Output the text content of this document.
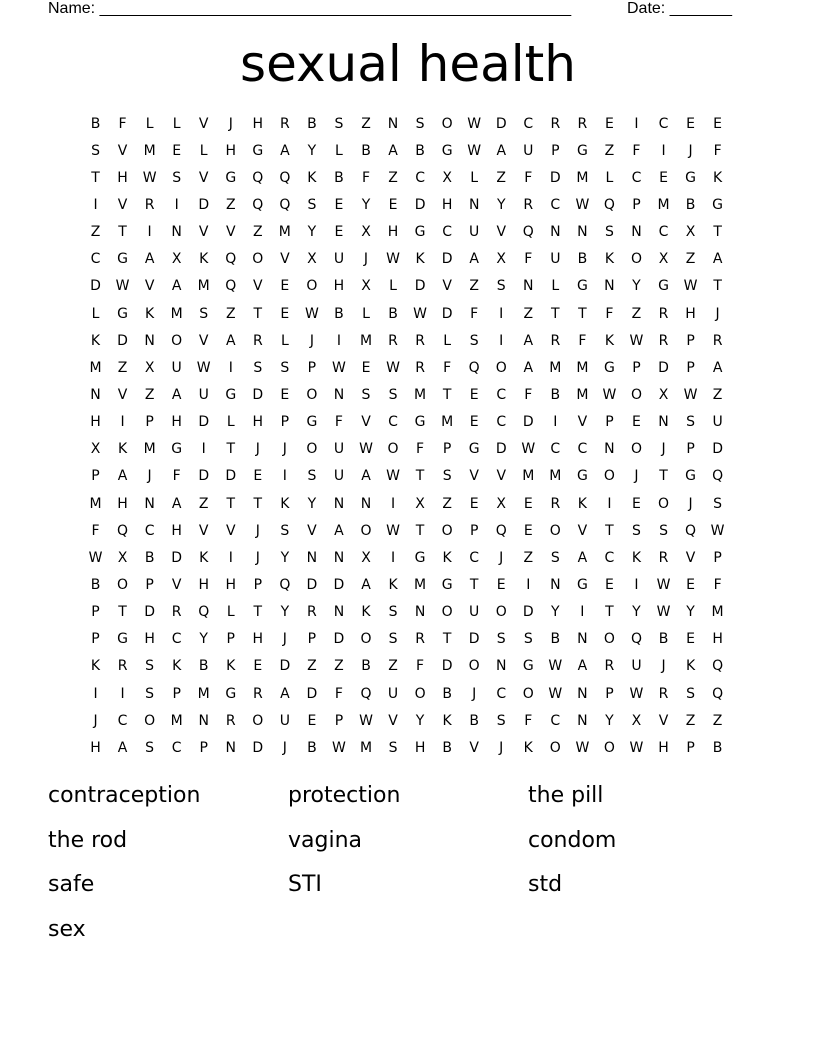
Name: _____________________________________________________	Date: _______
sexual health
B	F	L	L	V	J	H	R	B	S	Z	N	S	O	W	D	C	R	R	E	I	C	E	E
S	V	M	E	L	H	G	A	Y	L	B	A	B	G	W	A	U	P	G	Z	F	I	J	F
T	H	W	S	V	G	Q	Q	K	B	F	Z	C	X	L	Z	F	D	M	L	C	E	G	K
I	V	R	I	D	Z	Q	Q	S	E	Y	E	D	H	N	Y	R	C	W	Q	P	M	B	G
Z	T	I	N	V	V	Z	M	Y	E	X	H	G	C	U	V	Q	N	N	S	N	C	X	T
C	G	A	X	K	Q	O	V	X	U	J	W	K	D	A	X	F	U	B	K	O	X	Z	A
D	W	V	A	M	Q	V	E	O	H	X	L	D	V	Z	S	N	L	G	N	Y	G	W	T
L	G	K	M	S	Z	T	E	W	B	L	B	W	D	F	I	Z	T	T	F	Z	R	H	J
K	D	N	O	V	A	R	L	J	I	M	R	R	L	S	I	A	R	F	K	W	R	P	R
M	Z	X	U	W	I	S	S	P	W	E	W	R	F	Q	O	A	M	M	G	P	D	P	A
N	V	Z	A	U	G	D	E	O	N	S	S	M	T	E	C	F	B	M	W	O	X	W	Z
H	I	P	H	D	L	H	P	G	F	V	C	G	M	E	C	D	I	V	P	E	N	S	U
X	K	M	G	I	T	J	J	O	U	W	O	F	P	G	D	W	C	C	N	O	J	P	D
P	A	J	F	D	D	E	I	S	U	A	W	T	S	V	V	M	M	G	O	J	T	G	Q
M	H	N	A	Z	T	T	K	Y	N	N	I	X	Z	E	X	E	R	K	I	E	O	J	S
F	Q	C	H	V	V	J	S	V	A	O	W	T	O	P	Q	E	O	V	T	S	S	Q	W
W	X	B	D	K	I	J	Y	N	N	X	I	G	K	C	J	Z	S	A	C	K	R	V	P
B	O	P	V	H	H	P	Q	D	D	A	K	M	G	T	E	I	N	G	E	I	W	E	F
P	T	D	R	Q	L	T	Y	R	N	K	S	N	O	U	O	D	Y	I	T	Y	W	Y	M
P	G	H	C	Y	P	H	J	P	D	O	S	R	T	D	S	S	B	N	O	Q	B	E	H
K	R	S	K	B	K	E	D	Z	Z	B	Z	F	D	O	N	G	W	A	R	U	J	K	Q
I	I	S	P	M	G	R	A	D	F	Q	U	O	B	J	C	O	W	N	P	W	R	S	Q
J	C	O	M	N	R	O	U	E	P	W	V	Y	K	B	S	F	C	N	Y	X	V	Z	Z
H	A	S	C	P	N	D	J	B	W	M	S	H	B	V	J	K	O	W	O	W	H	P	B
contraception	protection	the pill
the rod	vagina	condom
safe	STI	std
sex
